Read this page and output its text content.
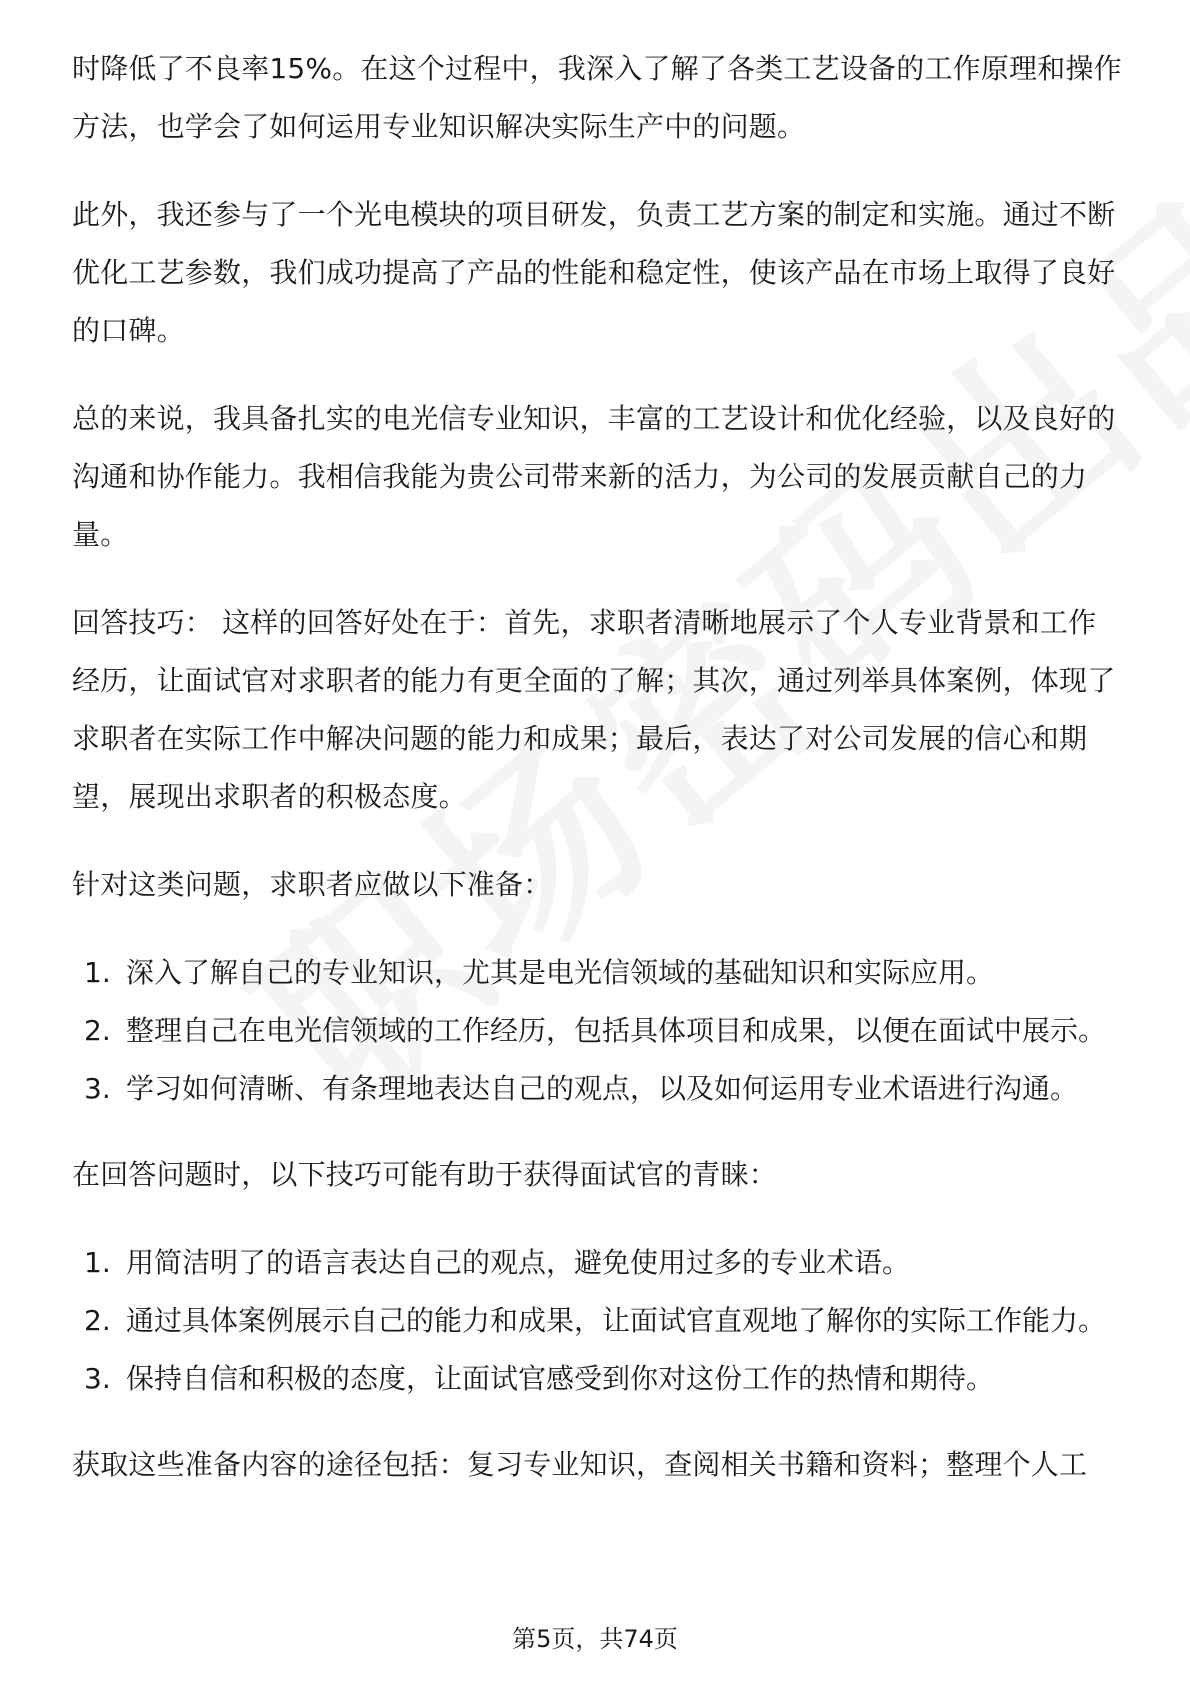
时降低了不良率15%。在这个过程中，我深入了解了各类工艺设备的工作原理和操作方法，也学会了如何运用专业知识解决实际生产中的问题。

此外，我还参与了一个光电模块的项目研发，负责工艺方案的制定和实施。通过不断优化工艺参数，我们成功提高了产品的性能和稳定性，使该产品在市场上取得了良好的口碑。

总的来说，我具备扎实的电光信专业知识，丰富的工艺设计和优化经验，以及良好的沟通和协作能力。我相信我能为贵公司带来新的活力，为公司的发展贡献自己的力量。

回答技巧： 这样的回答好处在于：首先，求职者清晰地展示了个人专业背景和工作经历，让面试官对求职者的能力有更全面的了解；其次，通过列举具体案例，体现了求职者在实际工作中解决问题的能力和成果；最后，表达了对公司发展的信心和期望，展现出求职者的积极态度。

针对这类问题，求职者应做以下准备：

1. 深入了解自己的专业知识，尤其是电光信领域的基础知识和实际应用。
2. 整理自己在电光信领域的工作经历，包括具体项目和成果，以便在面试中展示。
3. 学习如何清晰、有条理地表达自己的观点，以及如何运用专业术语进行沟通。

在回答问题时，以下技巧可能有助于获得面试官的青睐：

1. 用简洁明了的语言表达自己的观点，避免使用过多的专业术语。
2. 通过具体案例展示自己的能力和成果，让面试官直观地了解你的实际工作能力。
3. 保持自信和积极的态度，让面试官感受到你对这份工作的热情和期待。

获取这些准备内容的途径包括：复习专业知识，查阅相关书籍和资料；整理个人工

第5页，共74页
